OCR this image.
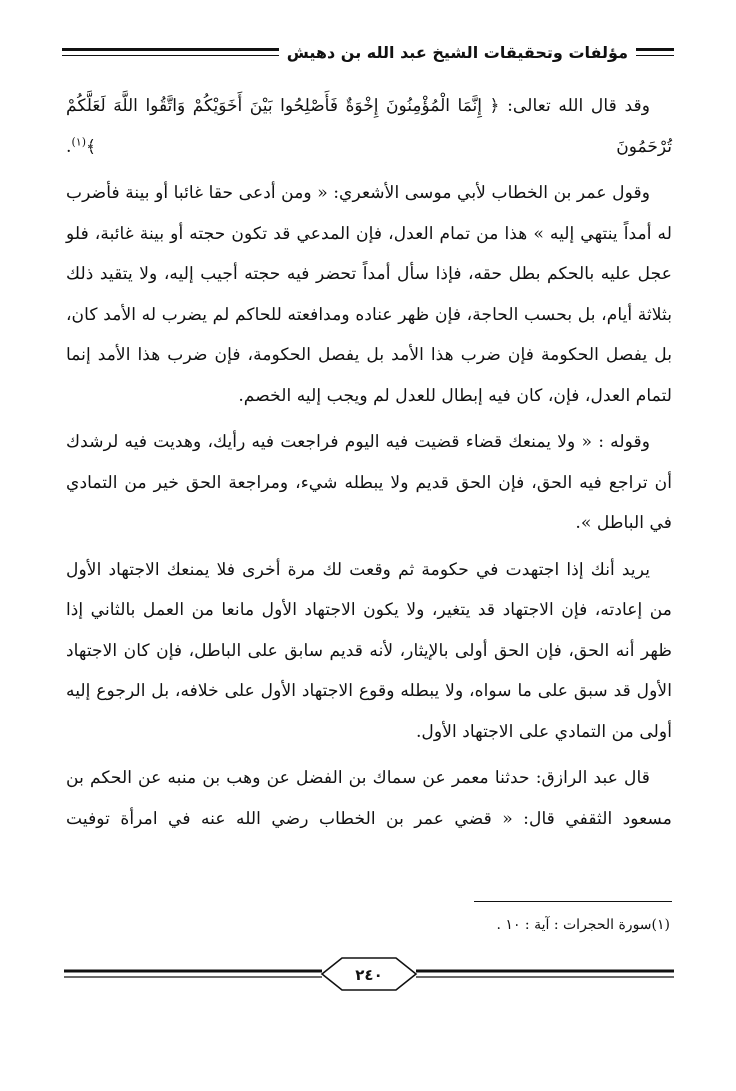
مؤلفات وتحقيقات الشيخ عبد الله بن دهيش

وقد قال الله تعالى: ﴿ إِنَّمَا الْمُؤْمِنُونَ إِخْوَةٌ فَأَصْلِحُوا بَيْنَ أَخَوَيْكُمْ وَاتَّقُوا اللَّهَ لَعَلَّكُمْ تُرْحَمُونَ ﴾$^{(١)}$.

وقول عمر بن الخطاب لأبي موسى الأشعري: « ومن أدعى حقا غائبا أو بينة فأضرب له أمداً ينتهي إليه » هذا من تمام العدل، فإن المدعي قد تكون حجته أو بينة غائبة، فلو عجل عليه بالحكم بطل حقه، فإذا سأل أمداً تحضر فيه حجته أجيب إليه، ولا يتقيد ذلك بثلاثة أيام، بل بحسب الحاجة، فإن ظهر عناده ومدافعته للحاكم لم يضرب له الأمد كان، بل يفصل الحكومة فإن ضرب هذا الأمد بل يفصل الحكومة، فإن ضرب هذا الأمد إنما لتمام العدل، فإن، كان فيه إبطال للعدل لم ويجب إليه الخصم.

وقوله : « ولا يمنعك قضاء قضيت فيه اليوم فراجعت فيه رأيك، وهديت فيه لرشدك أن تراجع فيه الحق، فإن الحق قديم ولا يبطله شيء، ومراجعة الحق خير من التمادي في الباطل ».

يريد أنك إذا اجتهدت في حكومة ثم وقعت لك مرة أخرى فلا يمنعك الاجتهاد الأول من إعادته، فإن الاجتهاد قد يتغير، ولا يكون الاجتهاد الأول مانعا من العمل بالثاني إذا ظهر أنه الحق، فإن الحق أولى بالإيثار، لأنه قديم سابق على الباطل، فإن كان الاجتهاد الأول قد سبق على ما سواه، ولا يبطله وقوع الاجتهاد الأول على خلافه، بل الرجوع إليه أولى من التمادي على الاجتهاد الأول.

قال عبد الرازق: حدثنا معمر عن سماك بن الفضل عن وهب بن منبه عن الحكم بن مسعود الثقفي قال: « قضي عمر بن الخطاب رضي الله عنه في امرأة توفيت

(١)سورة الحجرات : آية : ١٠ .
٢٤٠
